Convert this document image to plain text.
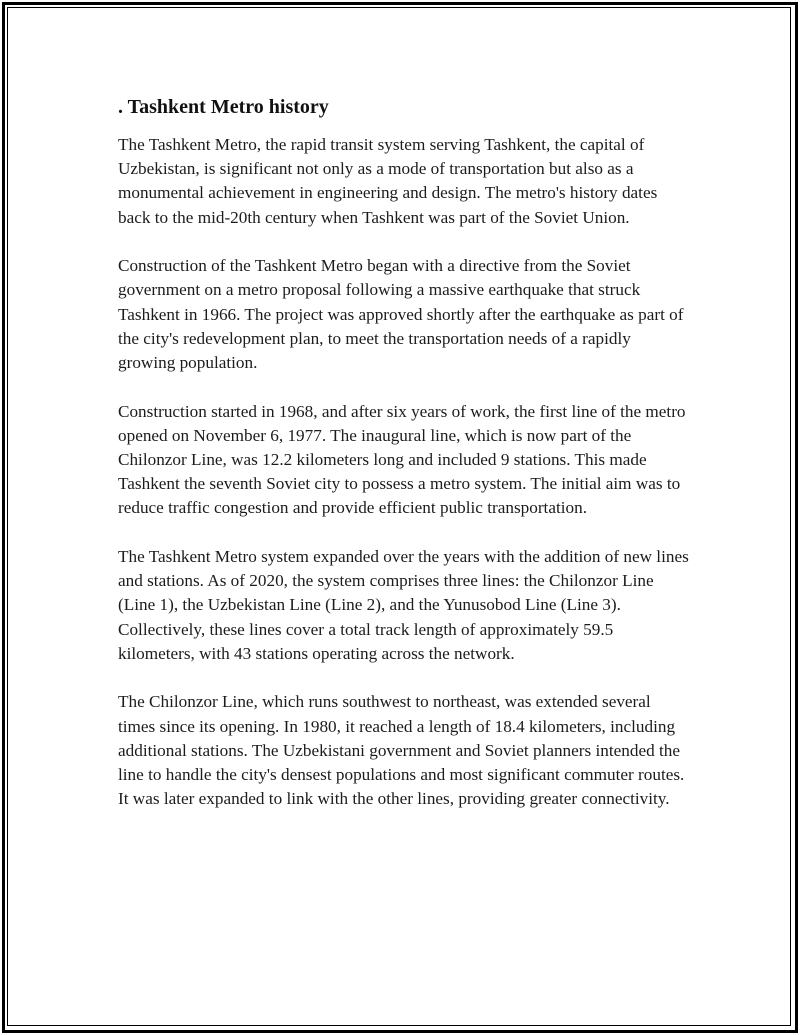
. Tashkent Metro history

The Tashkent Metro, the rapid transit system serving Tashkent, the capital of Uzbekistan, is significant not only as a mode of transportation but also as a monumental achievement in engineering and design. The metro's history dates back to the mid-20th century when Tashkent was part of the Soviet Union.

Construction of the Tashkent Metro began with a directive from the Soviet government on a metro proposal following a massive earthquake that struck Tashkent in 1966. The project was approved shortly after the earthquake as part of the city's redevelopment plan, to meet the transportation needs of a rapidly growing population.

Construction started in 1968, and after six years of work, the first line of the metro opened on November 6, 1977. The inaugural line, which is now part of the Chilonzor Line, was 12.2 kilometers long and included 9 stations. This made Tashkent the seventh Soviet city to possess a metro system. The initial aim was to reduce traffic congestion and provide efficient public transportation.

The Tashkent Metro system expanded over the years with the addition of new lines and stations. As of 2020, the system comprises three lines: the Chilonzor Line (Line 1), the Uzbekistan Line (Line 2), and the Yunusobod Line (Line 3). Collectively, these lines cover a total track length of approximately 59.5 kilometers, with 43 stations operating across the network.

The Chilonzor Line, which runs southwest to northeast, was extended several times since its opening. In 1980, it reached a length of 18.4 kilometers, including additional stations. The Uzbekistani government and Soviet planners intended the line to handle the city's densest populations and most significant commuter routes. It was later expanded to link with the other lines, providing greater connectivity.
